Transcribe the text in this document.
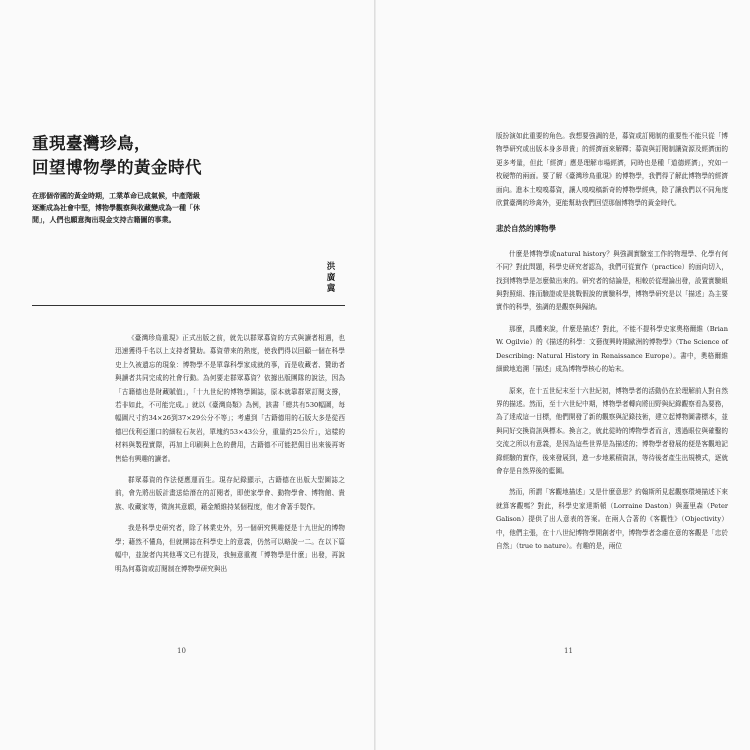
重現臺灣珍鳥，
回望博物學的黃金時代
在那個帝國的黃金時期，工業革命已成氣候，中產階級逐漸成為社會中堅，博物學觀察與收藏變成為一種「休閒」，人們也願意掏出現金支持古籍圖的事業。
洪廣冀

《臺灣珍鳥重現》正式出版之前，就先以群眾募資的方式與讀者相遇，也迅速獲得千名以上支持者贊助。募資帶來的熱度，使我們得以回顧一個在科學史上久被遺忘的現象：博物學不是單靠科學家成就的事，而是收藏者、贊助者與讀者共同完成的社會行動。為何要走群眾募資？依據出版團隊的說法，因為「古籍德也是財藏賦值」，「十九世紀的博物學圖誌，原本就靠群眾訂閱支撐，若非如此，不可能完成。」就以《臺灣鳥類》為例，該書「總共有530幅圖，每幅圖尺寸約34×26到37×29公分不等」；考慮到「古籍德用的石版大多是從西德巴伐利亞運口的細粒石灰岩，單塊約53×43公分，重量約25公斤」，這樣的材料與製程實際，再加上印刷與上色的費用，古籍德不可能把佣目出來後再寄售給有興趣的讀者。

群眾募資的作法便應運而生。現存紀錄顯示，古籍德在出版大型圖誌之前，會先將出版計畫送給潛在的訂閱者，即使家學會、動物學會、博物館、貴族、收藏家等，徵詢其意願，藉金額維持某個程度，他才會著手製作。

我是科學史研究者，除了林業史外，另一個研究興趣便是十九世紀的博物學；藉然不懂鳥，但就團誌在科學史上的意義，仍然可以略說一二。在以下篇幅中，並說者內其他專文已有提及，我無意重複「博物學是什麼」出發，再說明為何募資或訂閱制在博物學研究與出

10

版扮演如此重要的角色。我想要強調的是，募資或訂閱制的重要性不能只從「博物學研究或出版本身多昂貴」的經濟面來解釋；募資與訂閱制讓資源及經濟面的更多考量，但此「經濟」應是理解市場經濟，同時也是種「道德經濟」，究如一枚硬幣的兩面。要了解《臺灣珍鳥重現》的博物學，我們得了解此博物學的經濟面向。進本土嗅嗅募資，讓人嗅嗅稿新奇的博物學經典，除了讓我們以不同角度欣賞臺灣的珍禽外，更能幫助我們回望那個博物學的黃金時代。

悲於自然的博物學

什麼是博物學或natural history？與強調實驗室工作的物理學、化學有何不同？對此問題，科學史研究者認為，我們可從實作（practice）的面向切入，找到博物學是怎麼做出來的。研究者的結論是，相較於從理論出發，設置實驗組與對照組、推而驗證或是挑戰假說的實驗科學，博物學研究是以「描述」為主要實作的科學，強調的是觀察與歸納。

那麼，具體來說，什麼是描述？對此，不能不提科學史家奧格爾維（Brian W. Ogilvie）的《描述的科學：文藝復興時期歐洲的博物學》（The Science of Describing: Natural History in Renaissance Europe）。書中，奧格爾維細緻地追溯「描述」成為博物學核心的始末。

原來，在十五世紀末至十六世紀初，博物學者的活動仍在於理解前人對自然界的描述。然而，至十六世紀中期，博物學者轉向將田野與紀錄觀察看為要務，為了達成這一目標，他們開發了新的觀察與記錄技術，建立起博物圖書標本，並與同好交換資訊與標本。換言之，就此從時的博物學者而言，透過眼位與確鑿的交流之所以有意義，是因為這些世界是為描述的；博物學者發展的便是客觀地記錄經驗的實作，後來發展到，進一步地累積資訊，等待後者產生出規模式，逐就會存是自然界後的藍圖。

然而，所謂「客觀地描述」又是什麼意思？約翰斯所見起觀察環境描述下來就算客觀嗎？對此，科學史家達斯頓（Lorraine Daston）與蓋里森（Peter Galison）提供了出人意表的答案。在兩人合著的《客觀性》（Objectivity）中，他們主張，在十八世紀博物學開創者中，博物學者念慮在意的客觀是「忠於自然」（true to nature）。有趣的是，兩位

11
